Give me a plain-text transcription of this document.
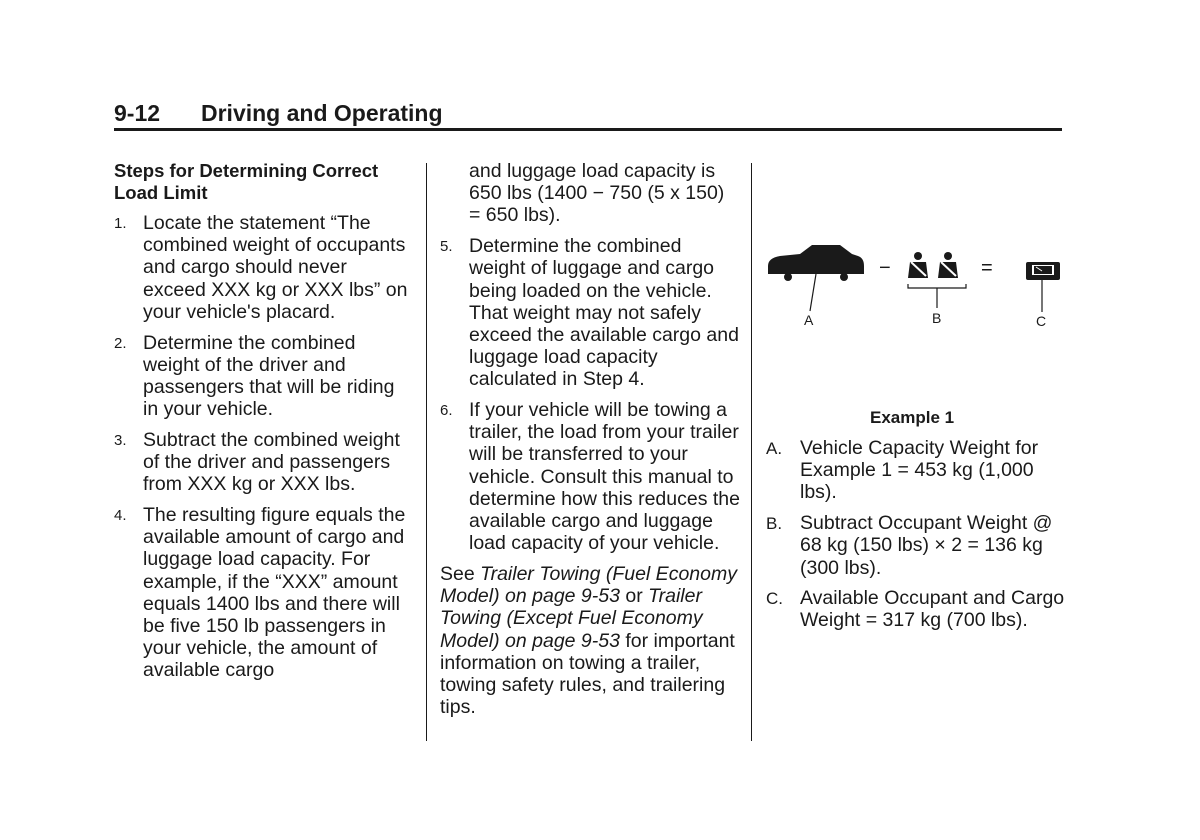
9-12 Driving and Operating
Steps for Determining Correct Load Limit
1. Locate the statement “The combined weight of occupants and cargo should never exceed XXX kg or XXX lbs” on your vehicle's placard.
2. Determine the combined weight of the driver and passengers that will be riding in your vehicle.
3. Subtract the combined weight of the driver and passengers from XXX kg or XXX lbs.
4. The resulting figure equals the available amount of cargo and luggage load capacity. For example, if the “XXX” amount equals 1400 lbs and there will be five 150 lb passengers in your vehicle, the amount of available cargo
and luggage load capacity is 650 lbs (1400 − 750 (5 x 150) = 650 lbs).
5. Determine the combined weight of luggage and cargo being loaded on the vehicle. That weight may not safely exceed the available cargo and luggage load capacity calculated in Step 4.
6. If your vehicle will be towing a trailer, the load from your trailer will be transferred to your vehicle. Consult this manual to determine how this reduces the available cargo and luggage load capacity of your vehicle.
See Trailer Towing (Fuel Economy Model) on page 9‑53 or Trailer Towing (Except Fuel Economy Model) on page 9‑53 for important information on towing a trailer, towing safety rules, and trailering tips.
A
−
B
=
C
Example 1
A. Vehicle Capacity Weight for Example 1 = 453 kg (1,000 lbs).
B. Subtract Occupant Weight @ 68 kg (150 lbs) × 2 = 136 kg (300 lbs).
C. Available Occupant and Cargo Weight = 317 kg (700 lbs).
